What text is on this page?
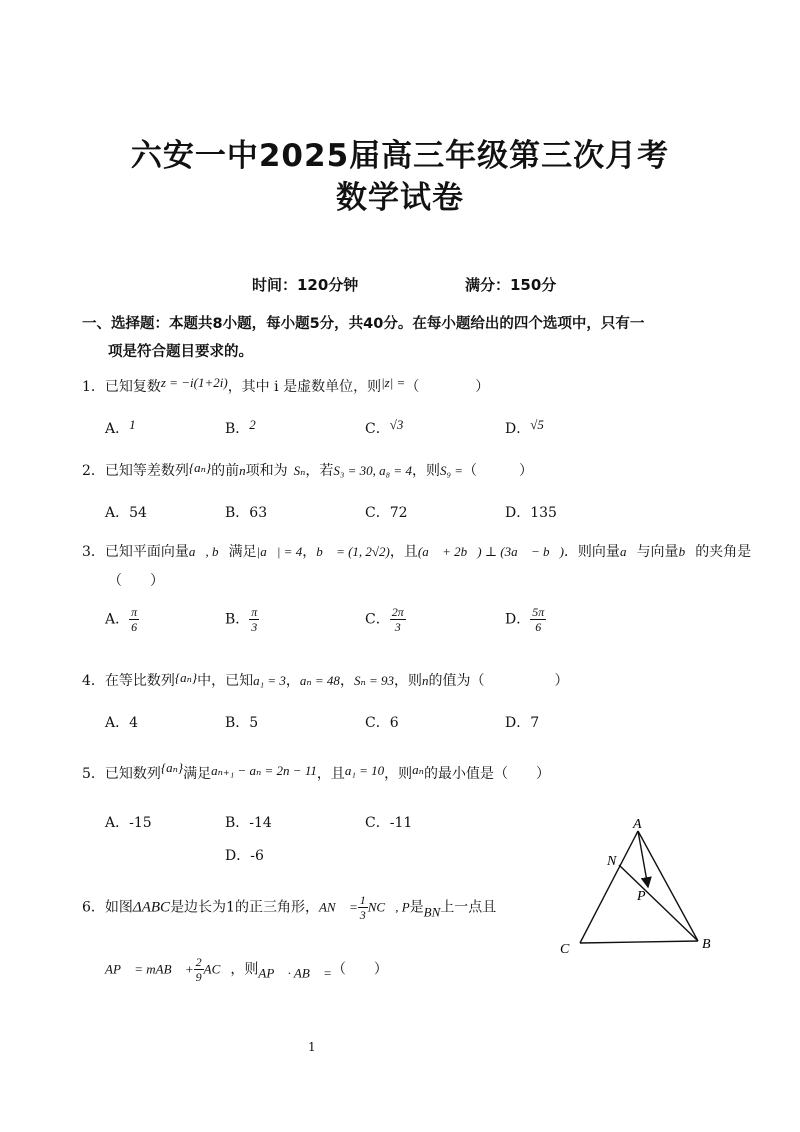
六安一中2025届高三年级第三次月考
数学试卷
时间：120分钟	满分：150分
一、选择题：本题共8小题，每小题5分，共40分。在每小题给出的四个选项中，只有一
项是符合题目要求的。
1．已知复数z = −i(1+2i)，其中 i 是虚数单位，则|z| =（　　　　）
A．1	B．2	C．√3	D．√5
2．已知等差数列{aₙ}的前n项和为 Sₙ，若S₃ = 30, a₈ = 4，则S₉ =（　　　）
A．54	B．63	C．72	D．135
3．已知平面向量a⃗, b⃗满足|a⃗| = 4，b⃗ = (1, 2√2)，且(a⃗ + 2b⃗) ⊥ (3a⃗ − b⃗)．则向量a⃗与向量b⃗的夹角是
（　　）
A． $\frac{\pi}{6}$	B． $\frac{\pi}{3}$	C． $\frac{2\pi}{3}$	D． $\frac{5\pi}{6}$
4．在等比数列{aₙ}中，已知a₁ = 3，aₙ = 48，Sₙ = 93，则n的值为（　　　　　）
A．4	B．5	C．6	D．7
5．已知数列{aₙ}满足aₙ₊₁ − aₙ = 2n − 11，且a₁ = 10，则aₙ的最小值是（　　）
A．-15	B．-14	C．-11
D．-6
6．如图ΔABC是边长为1的正三角形，AN⃗ = $\frac{1}{3}$ NC⃗, P是BN上一点且
AP⃗ = mAB⃗ + $\frac{2}{9}$ AC⃗，则AP⃗ · AB⃗ =（　　）
A
B
C
N
P
1
